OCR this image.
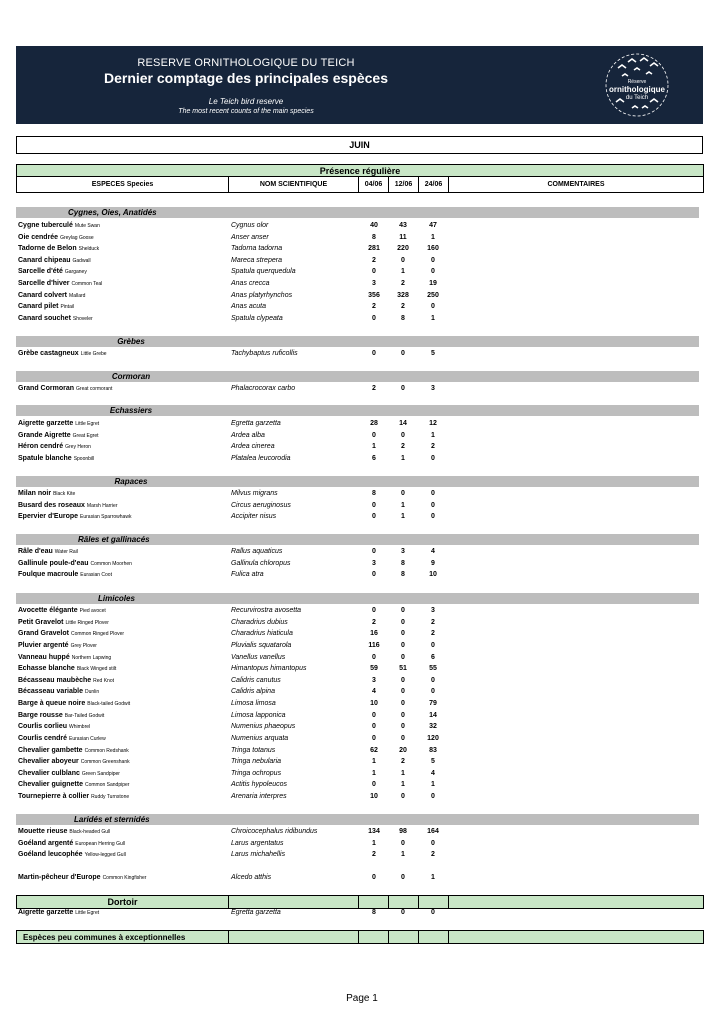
RESERVE ORNITHOLOGIQUE DU TEICH
Dernier comptage des principales espèces
Le Teich bird reserve
The most recent counts of the main species
Réserve
ornithologique
du Teich
JUIN
Présence régulière
ESPECES Species	NOM SCIENTIFIQUE	04/06	12/06	24/06	COMMENTAIRES
Cygnes, Oies, Anatidés
Cygne tuberculé Mute Swan	Cygnus olor	40	43	47
Oie cendrée Greylag Goose	Anser anser	8	11	1
Tadorne de Belon Shelduck	Tadorna tadorna	281	220	160
Canard chipeau Gadwall	Mareca strepera	2	0	0
Sarcelle d'été Garganey	Spatula querquedula	0	1	0
Sarcelle d'hiver Common Teal	Anas crecca	3	2	19
Canard colvert Mallard	Anas platyrhynchos	356	328	250
Canard pilet Pintail	Anas acuta	2	2	0
Canard souchet Shoveler	Spatula clypeata	0	8	1
Grèbes
Grèbe castagneux Little Grebe	Tachybaptus ruficollis	0	0	5
Cormoran
Grand Cormoran Great cormorant	Phalacrocorax carbo	2	0	3
Echassiers
Aigrette garzette Little Egret	Egretta garzetta	28	14	12
Grande Aigrette Great Egret	Ardea alba	0	0	1
Héron cendré Grey Heron	Ardea cinerea	1	2	2
Spatule blanche Spoonbill	Platalea leucorodia	6	1	0
Rapaces
Milan noir Black Kite	Milvus migrans	8	0	0
Busard des roseaux Marsh Harrier	Circus aeruginosus	0	1	0
Epervier d'Europe Eurasian Sparrowhawk	Accipiter nisus	0	1	0
Râles et gallinacés
Râle d'eau Water Rail	Rallus aquaticus	0	3	4
Gallinule poule-d'eau Common Moorhen	Gallinula chloropus	3	8	9
Foulque macroule Eurasian Coot	Fulica atra	0	8	10
Limicoles
Avocette élégante Pied avocet	Recurvirostra avosetta	0	0	3
Petit Gravelot Little Ringed Plover	Charadrius dubius	2	0	2
Grand Gravelot Common Ringed Plover	Charadrius hiaticula	16	0	2
Pluvier argenté Grey Plover	Pluvialis squatarola	116	0	0
Vanneau huppé Northern Lapwing	Vanellus vanellus	0	0	6
Echasse blanche Black Winged stilt	Himantopus himantopus	59	51	55
Bécasseau maubèche Red Knot	Calidris canutus	3	0	0
Bécasseau variable Dunlin	Calidris alpina	4	0	0
Barge à queue noire Black-tailed Godwit	Limosa limosa	10	0	79
Barge rousse Bar-Tailed Godwit	Limosa lapponica	0	0	14
Courlis corlieu Whimbrel	Numenius phaeopus	0	0	32
Courlis cendré Eurasian Curlew	Numenius arquata	0	0	120
Chevalier gambette Common Redshank	Tringa totanus	62	20	83
Chevalier aboyeur Common Greenshank	Tringa nebularia	1	2	5
Chevalier culblanc Green Sandpiper	Tringa ochropus	1	1	4
Chevalier guignette Common Sandpiper	Actitis hypoleucos	0	1	1
Tournepierre à collier Ruddy Turnstone	Arenaria interpres	10	0	0
Laridés et sternidés
Mouette rieuse Black-headed Gull	Chroicocephalus ridibundus	134	98	164
Goéland argenté European Herring Gull	Larus argentatus	1	0	0
Goéland leucophée Yellow-legged Gull	Larus michahellis	2	1	2
Martin-pêcheur d'Europe Common Kingfisher	Alcedo atthis	0	0	1
Dortoir					
Aigrette garzette Little Egret	Egretta garzetta	8	0	0
Espèces peu communes à exceptionnelles					
Page 1
